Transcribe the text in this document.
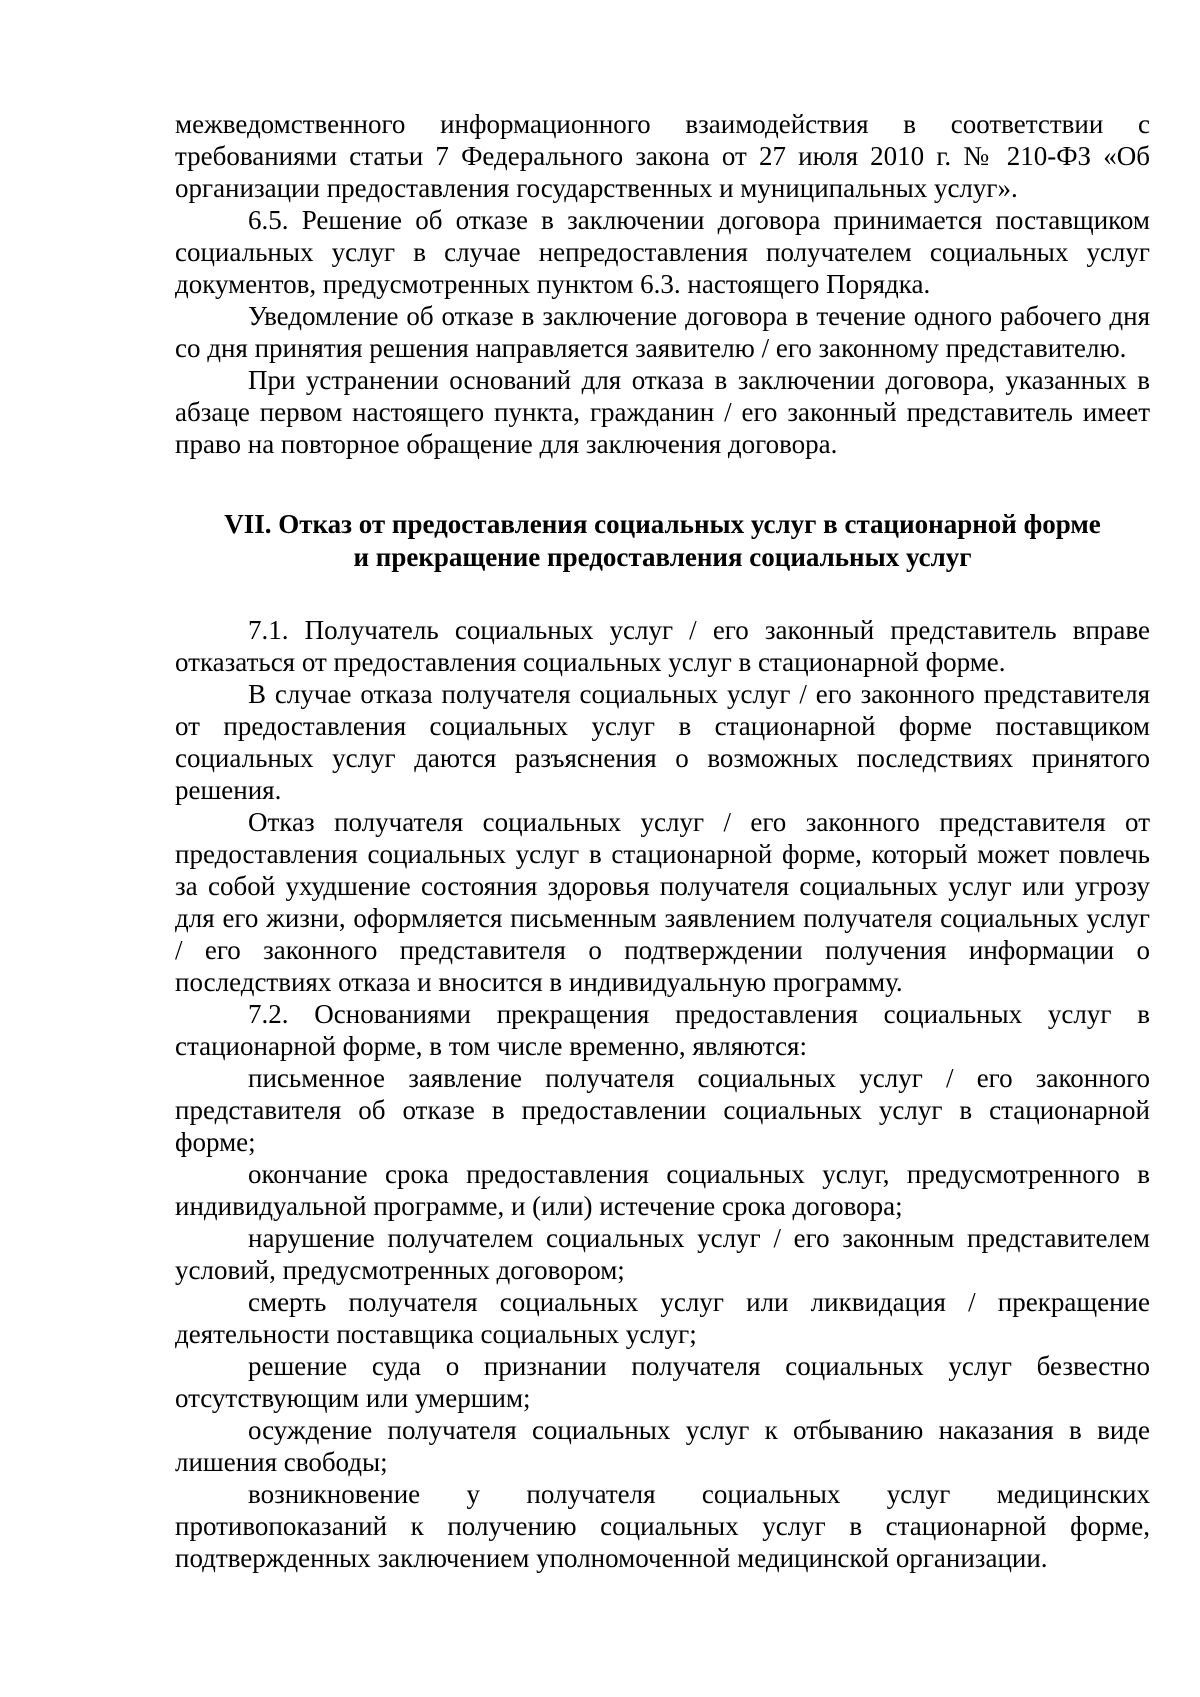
межведомственного информационного взаимодействия в соответствии с требованиями статьи 7 Федерального закона от 27 июля 2010 г. № 210-ФЗ «Об организации предоставления государственных и муниципальных услуг».

6.5. Решение об отказе в заключении договора принимается поставщиком социальных услуг в случае непредоставления получателем социальных услуг документов, предусмотренных пунктом 6.3. настоящего Порядка.

Уведомление об отказе в заключение договора в течение одного рабочего дня со дня принятия решения направляется заявителю / его законному представителю.

При устранении оснований для отказа в заключении договора, указанных в абзаце первом настоящего пункта, гражданин / его законный представитель имеет право на повторное обращение для заключения договора.

VII. Отказ от предоставления социальных услуг в стационарной форме
и прекращение предоставления социальных услуг

7.1. Получатель социальных услуг / его законный представитель вправе отказаться от предоставления социальных услуг в стационарной форме.

В случае отказа получателя социальных услуг / его законного представителя от предоставления социальных услуг в стационарной форме поставщиком социальных услуг даются разъяснения о возможных последствиях принятого решения.

Отказ получателя социальных услуг / его законного представителя от предоставления социальных услуг в стационарной форме, который может повлечь за собой ухудшение состояния здоровья получателя социальных услуг или угрозу для его жизни, оформляется письменным заявлением получателя социальных услуг / его законного представителя о подтверждении получения информации о последствиях отказа и вносится в индивидуальную программу.

7.2. Основаниями прекращения предоставления социальных услуг в стационарной форме, в том числе временно, являются:

письменное заявление получателя социальных услуг / его законного представителя об отказе в предоставлении социальных услуг в стационарной форме;

окончание срока предоставления социальных услуг, предусмотренного в индивидуальной программе, и (или) истечение срока договора;

нарушение получателем социальных услуг / его законным представителем условий, предусмотренных договором;

смерть получателя социальных услуг или ликвидация / прекращение деятельности поставщика социальных услуг;

решение суда о признании получателя социальных услуг безвестно отсутствующим или умершим;

осуждение получателя социальных услуг к отбыванию наказания в виде лишения свободы;

возникновение у получателя социальных услуг медицинских противопоказаний к получению социальных услуг в стационарной форме, подтвержденных заключением уполномоченной медицинской организации.
